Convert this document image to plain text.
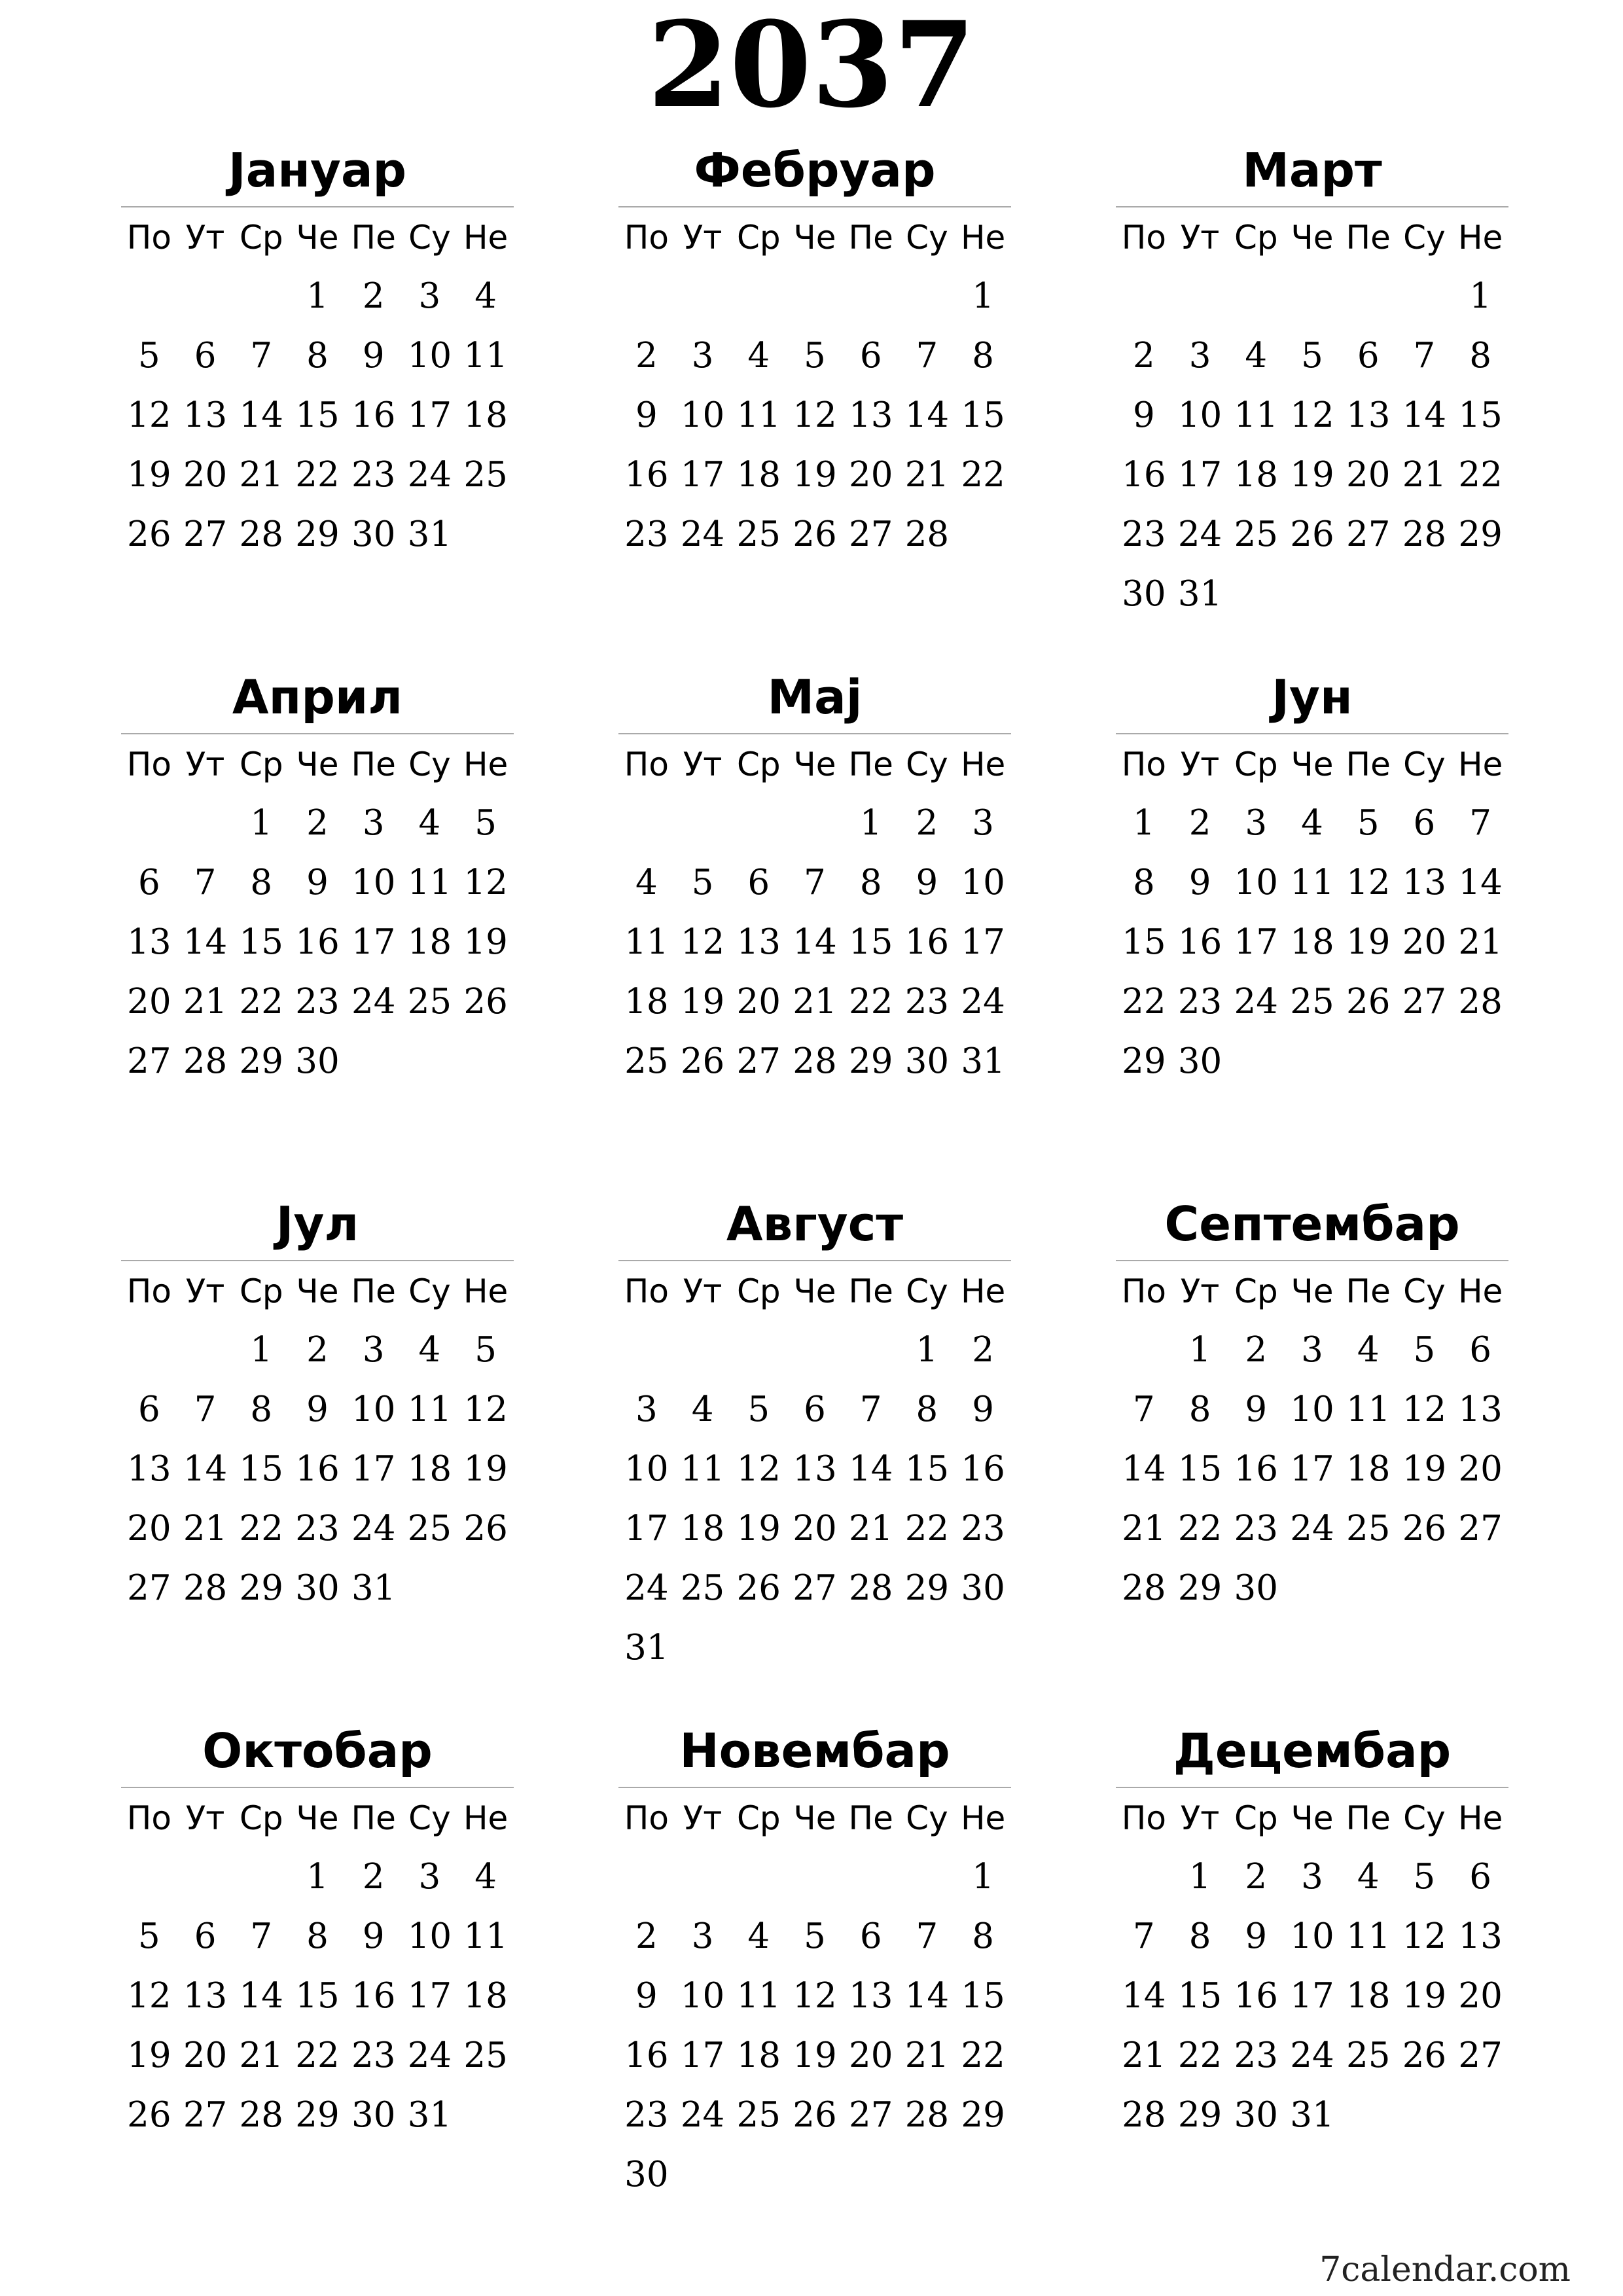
2037
Јануар
По Ут Ср Че Пе Су Не
1 2 3 4
5 6 7 8 9 10 11
12 13 14 15 16 17 18
19 20 21 22 23 24 25
26 27 28 29 30 31
Фебруар
По Ут Ср Че Пе Су Не
1
2 3 4 5 6 7 8
9 10 11 12 13 14 15
16 17 18 19 20 21 22
23 24 25 26 27 28
Март
По Ут Ср Че Пе Су Не
1
2 3 4 5 6 7 8
9 10 11 12 13 14 15
16 17 18 19 20 21 22
23 24 25 26 27 28 29
30 31
Април
По Ут Ср Че Пе Су Не
1 2 3 4 5
6 7 8 9 10 11 12
13 14 15 16 17 18 19
20 21 22 23 24 25 26
27 28 29 30
Мај
По Ут Ср Че Пе Су Не
1 2 3
4 5 6 7 8 9 10
11 12 13 14 15 16 17
18 19 20 21 22 23 24
25 26 27 28 29 30 31
Јун
По Ут Ср Че Пе Су Не
1 2 3 4 5 6 7
8 9 10 11 12 13 14
15 16 17 18 19 20 21
22 23 24 25 26 27 28
29 30
Јул
По Ут Ср Че Пе Су Не
1 2 3 4 5
6 7 8 9 10 11 12
13 14 15 16 17 18 19
20 21 22 23 24 25 26
27 28 29 30 31
Август
По Ут Ср Че Пе Су Не
1 2
3 4 5 6 7 8 9
10 11 12 13 14 15 16
17 18 19 20 21 22 23
24 25 26 27 28 29 30
31
Септембар
По Ут Ср Че Пе Су Не
1 2 3 4 5 6
7 8 9 10 11 12 13
14 15 16 17 18 19 20
21 22 23 24 25 26 27
28 29 30
Октобар
По Ут Ср Че Пе Су Не
1 2 3 4
5 6 7 8 9 10 11
12 13 14 15 16 17 18
19 20 21 22 23 24 25
26 27 28 29 30 31
Новембар
По Ут Ср Че Пе Су Не
1
2 3 4 5 6 7 8
9 10 11 12 13 14 15
16 17 18 19 20 21 22
23 24 25 26 27 28 29
30
Децембар
По Ут Ср Че Пе Су Не
1 2 3 4 5 6
7 8 9 10 11 12 13
14 15 16 17 18 19 20
21 22 23 24 25 26 27
28 29 30 31
7calendar.com
